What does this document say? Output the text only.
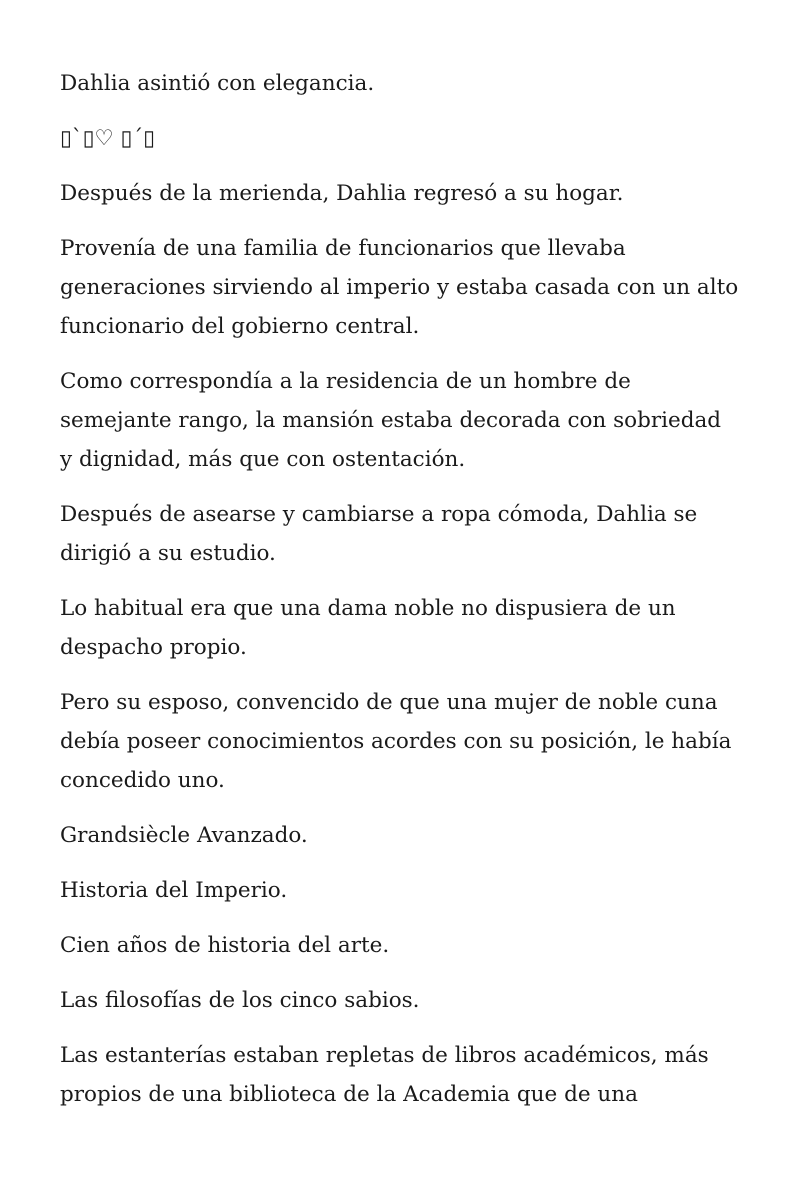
Dahlia asintió con elegancia.

▯`▯♡ ▯´▯

Después de la merienda, Dahlia regresó a su hogar.

Provenía de una familia de funcionarios que llevaba generaciones sirviendo al imperio y estaba casada con un alto funcionario del gobierno central.

Como correspondía a la residencia de un hombre de semejante rango, la mansión estaba decorada con sobriedad y dignidad, más que con ostentación.

Después de asearse y cambiarse a ropa cómoda, Dahlia se dirigió a su estudio.

Lo habitual era que una dama noble no dispusiera de un despacho propio.

Pero su esposo, convencido de que una mujer de noble cuna debía poseer conocimientos acordes con su posición, le había concedido uno.

Grandsiècle Avanzado.

Historia del Imperio.

Cien años de historia del arte.

Las filosofías de los cinco sabios.

Las estanterías estaban repletas de libros académicos, más propios de una biblioteca de la Academia que de una
